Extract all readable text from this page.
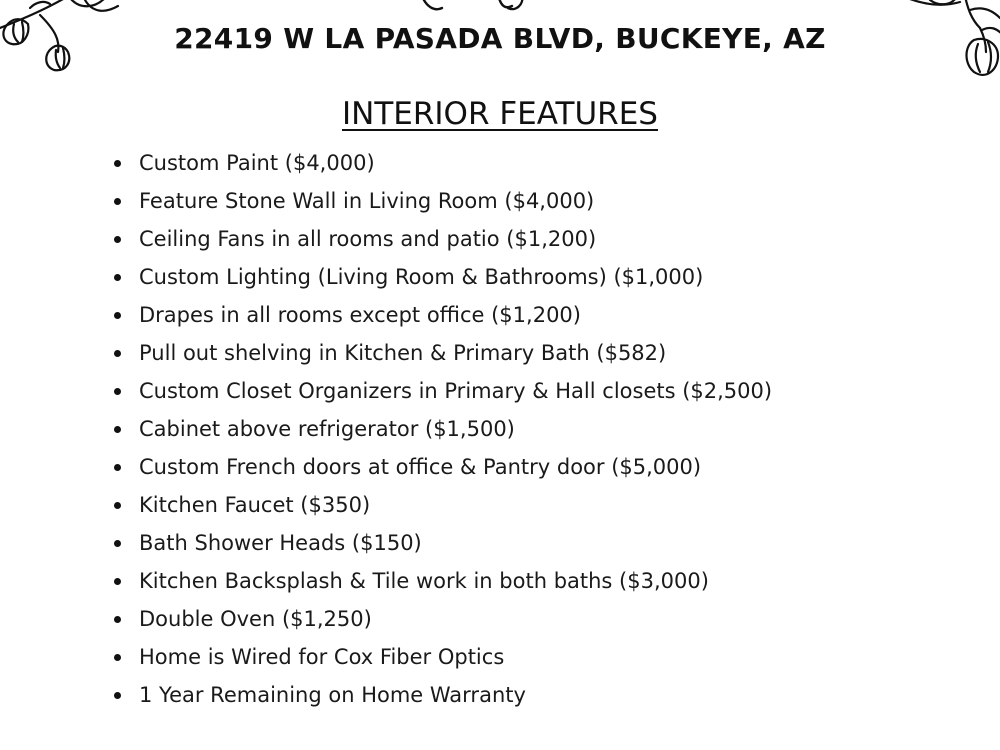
22419 W LA PASADA BLVD, BUCKEYE, AZ
INTERIOR FEATURES
Custom Paint ($4,000)
Feature Stone Wall in Living Room ($4,000)
Ceiling Fans in all rooms and patio ($1,200)
Custom Lighting (Living Room & Bathrooms) ($1,000)
Drapes in all rooms except office ($1,200)
Pull out shelving in Kitchen & Primary Bath ($582)
Custom Closet Organizers in Primary & Hall closets ($2,500)
Cabinet above refrigerator ($1,500)
Custom French doors at office & Pantry door ($5,000)
Kitchen Faucet ($350)
Bath Shower Heads ($150)
Kitchen Backsplash & Tile work in both baths ($3,000)
Double Oven ($1,250)
Home is Wired for Cox Fiber Optics
1 Year Remaining on Home Warranty
